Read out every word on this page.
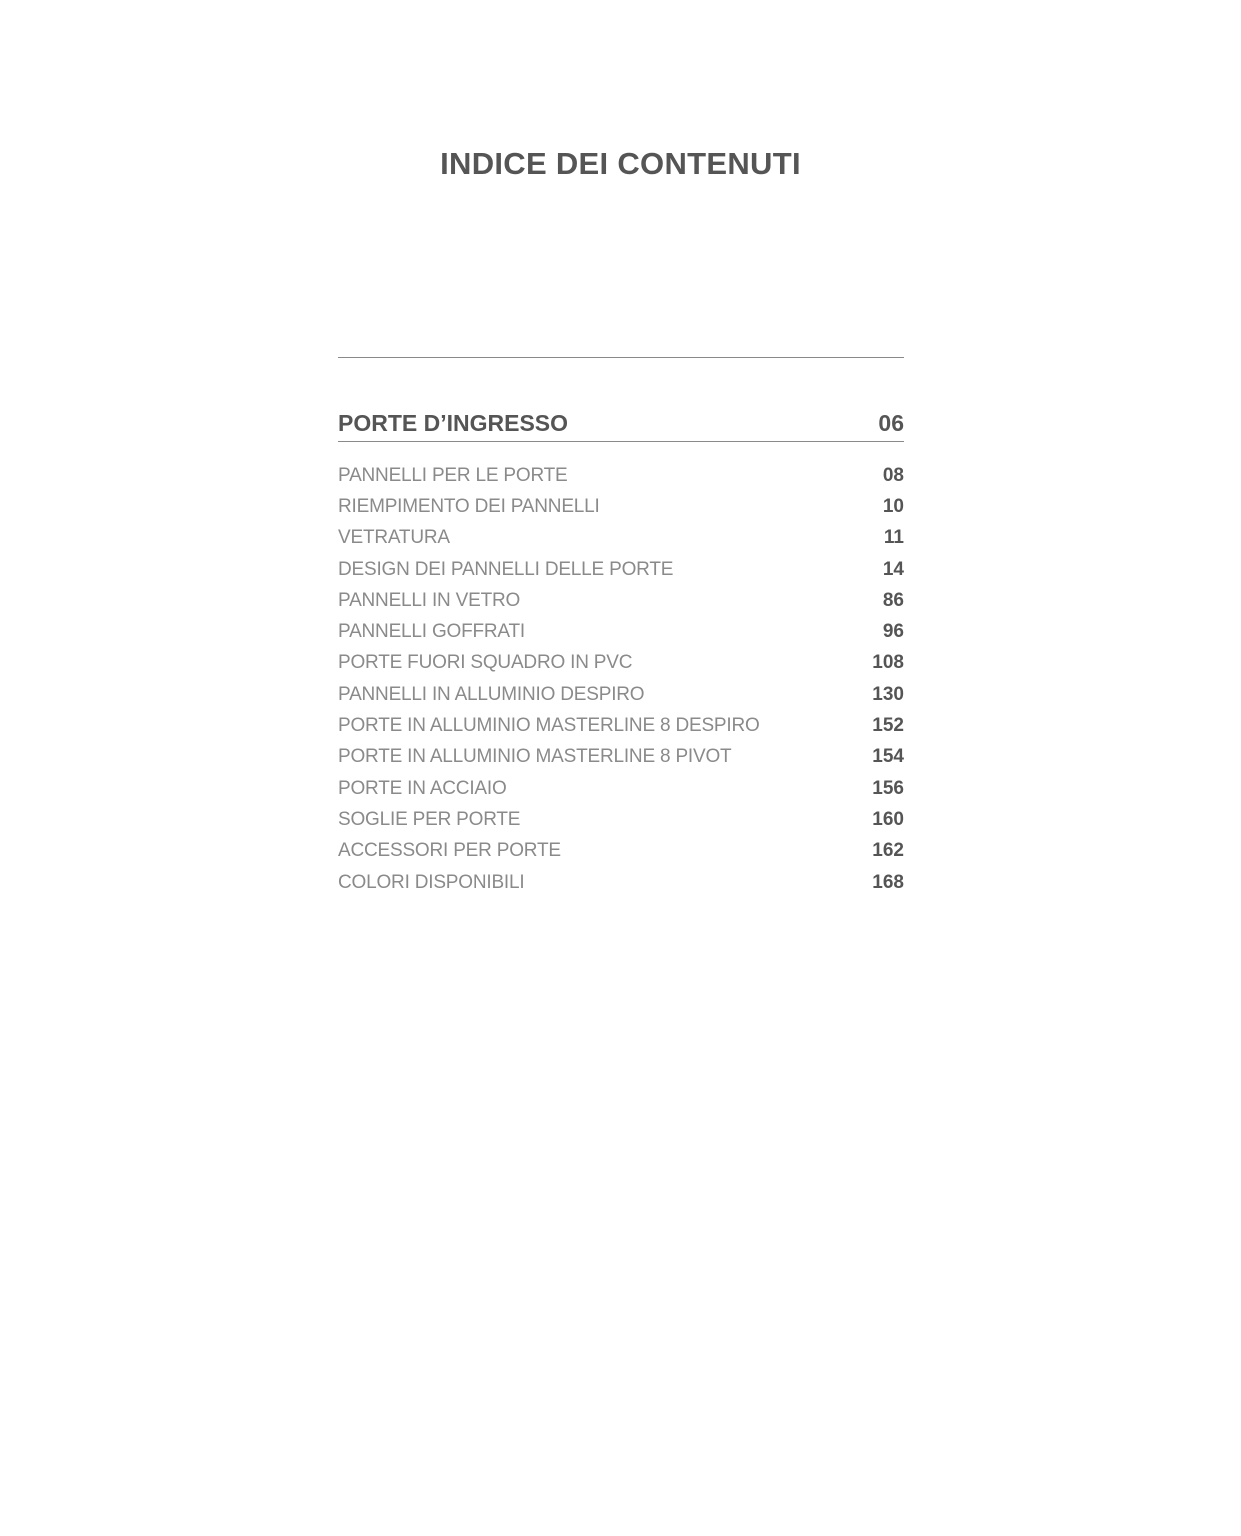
INDICE DEI CONTENUTI
PORTE D’INGRESSO	06
PANNELLI PER LE PORTE	08
RIEMPIMENTO DEI PANNELLI	10
VETRATURA	11
DESIGN DEI PANNELLI DELLE PORTE	14
PANNELLI IN VETRO	86
PANNELLI GOFFRATI	96
PORTE FUORI SQUADRO IN PVC	108
PANNELLI IN ALLUMINIO DESPIRO	130
PORTE IN ALLUMINIO MASTERLINE 8 DESPIRO	152
PORTE IN ALLUMINIO MASTERLINE 8 PIVOT	154
PORTE IN ACCIAIO	156
SOGLIE PER PORTE	160
ACCESSORI PER PORTE	162
COLORI DISPONIBILI	168
